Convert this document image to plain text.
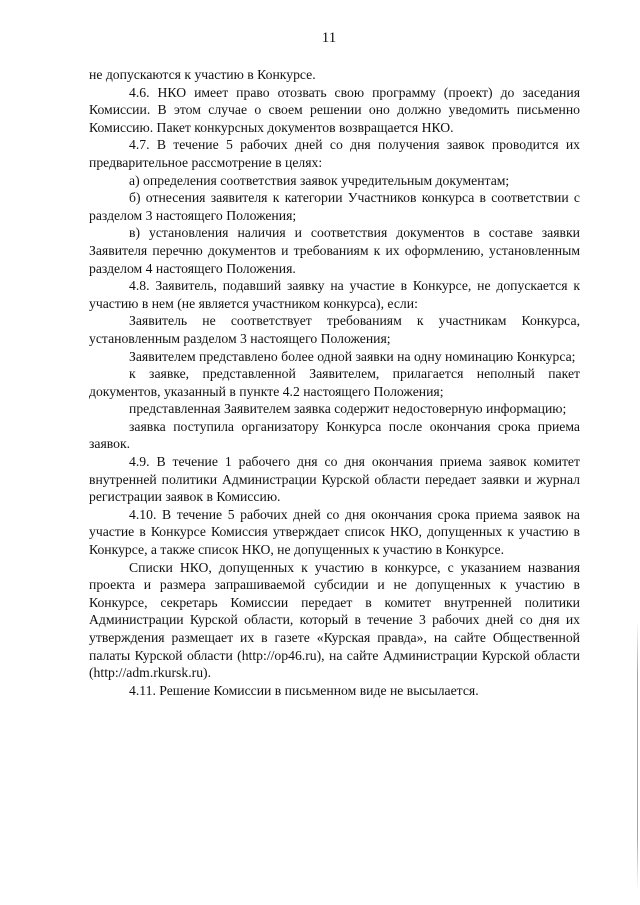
11

не допускаются к участию в Конкурсе.

4.6. НКО имеет право отозвать свою программу (проект) до заседания Комиссии. В этом случае о своем решении оно должно уведомить письменно Комиссию. Пакет конкурсных документов возвращается НКО.

4.7. В течение 5 рабочих дней со дня получения заявок проводится их предварительное рассмотрение в целях:

а) определения соответствия заявок учредительным документам;

б) отнесения заявителя к категории Участников конкурса в соответствии с разделом 3 настоящего Положения;

в) установления наличия и соответствия документов в составе заявки Заявителя перечню документов и требованиям к их оформлению, установленным разделом 4 настоящего Положения.

4.8. Заявитель, подавший заявку на участие в Конкурсе, не допускается к участию в нем (не является участником конкурса), если:

Заявитель не соответствует требованиям к участникам Конкурса, установленным разделом 3 настоящего Положения;

Заявителем представлено более одной заявки на одну номинацию Конкурса;

к заявке, представленной Заявителем, прилагается неполный пакет документов, указанный в пункте 4.2 настоящего Положения;

представленная Заявителем заявка содержит недостоверную информацию;

заявка поступила организатору Конкурса после окончания срока приема заявок.

4.9. В течение 1 рабочего дня со дня окончания приема заявок комитет внутренней политики Администрации Курской области передает заявки и журнал регистрации заявок в Комиссию.

4.10. В течение 5 рабочих дней со дня окончания срока приема заявок на участие в Конкурсе Комиссия утверждает список НКО, допущенных к участию в Конкурсе, а также список НКО, не допущенных к участию в Конкурсе.

Списки НКО, допущенных к участию в конкурсе, с указанием названия проекта и размера запрашиваемой субсидии и не допущенных к участию в Конкурсе, секретарь Комиссии передает в комитет внутренней политики Администрации Курской области, который в течение 3 рабочих дней со дня их утверждения размещает их в газете «Курская правда», на сайте Общественной палаты Курской области (http://op46.ru), на сайте Администрации Курской области (http://adm.rkursk.ru).

4.11. Решение Комиссии в письменном виде не высылается.
